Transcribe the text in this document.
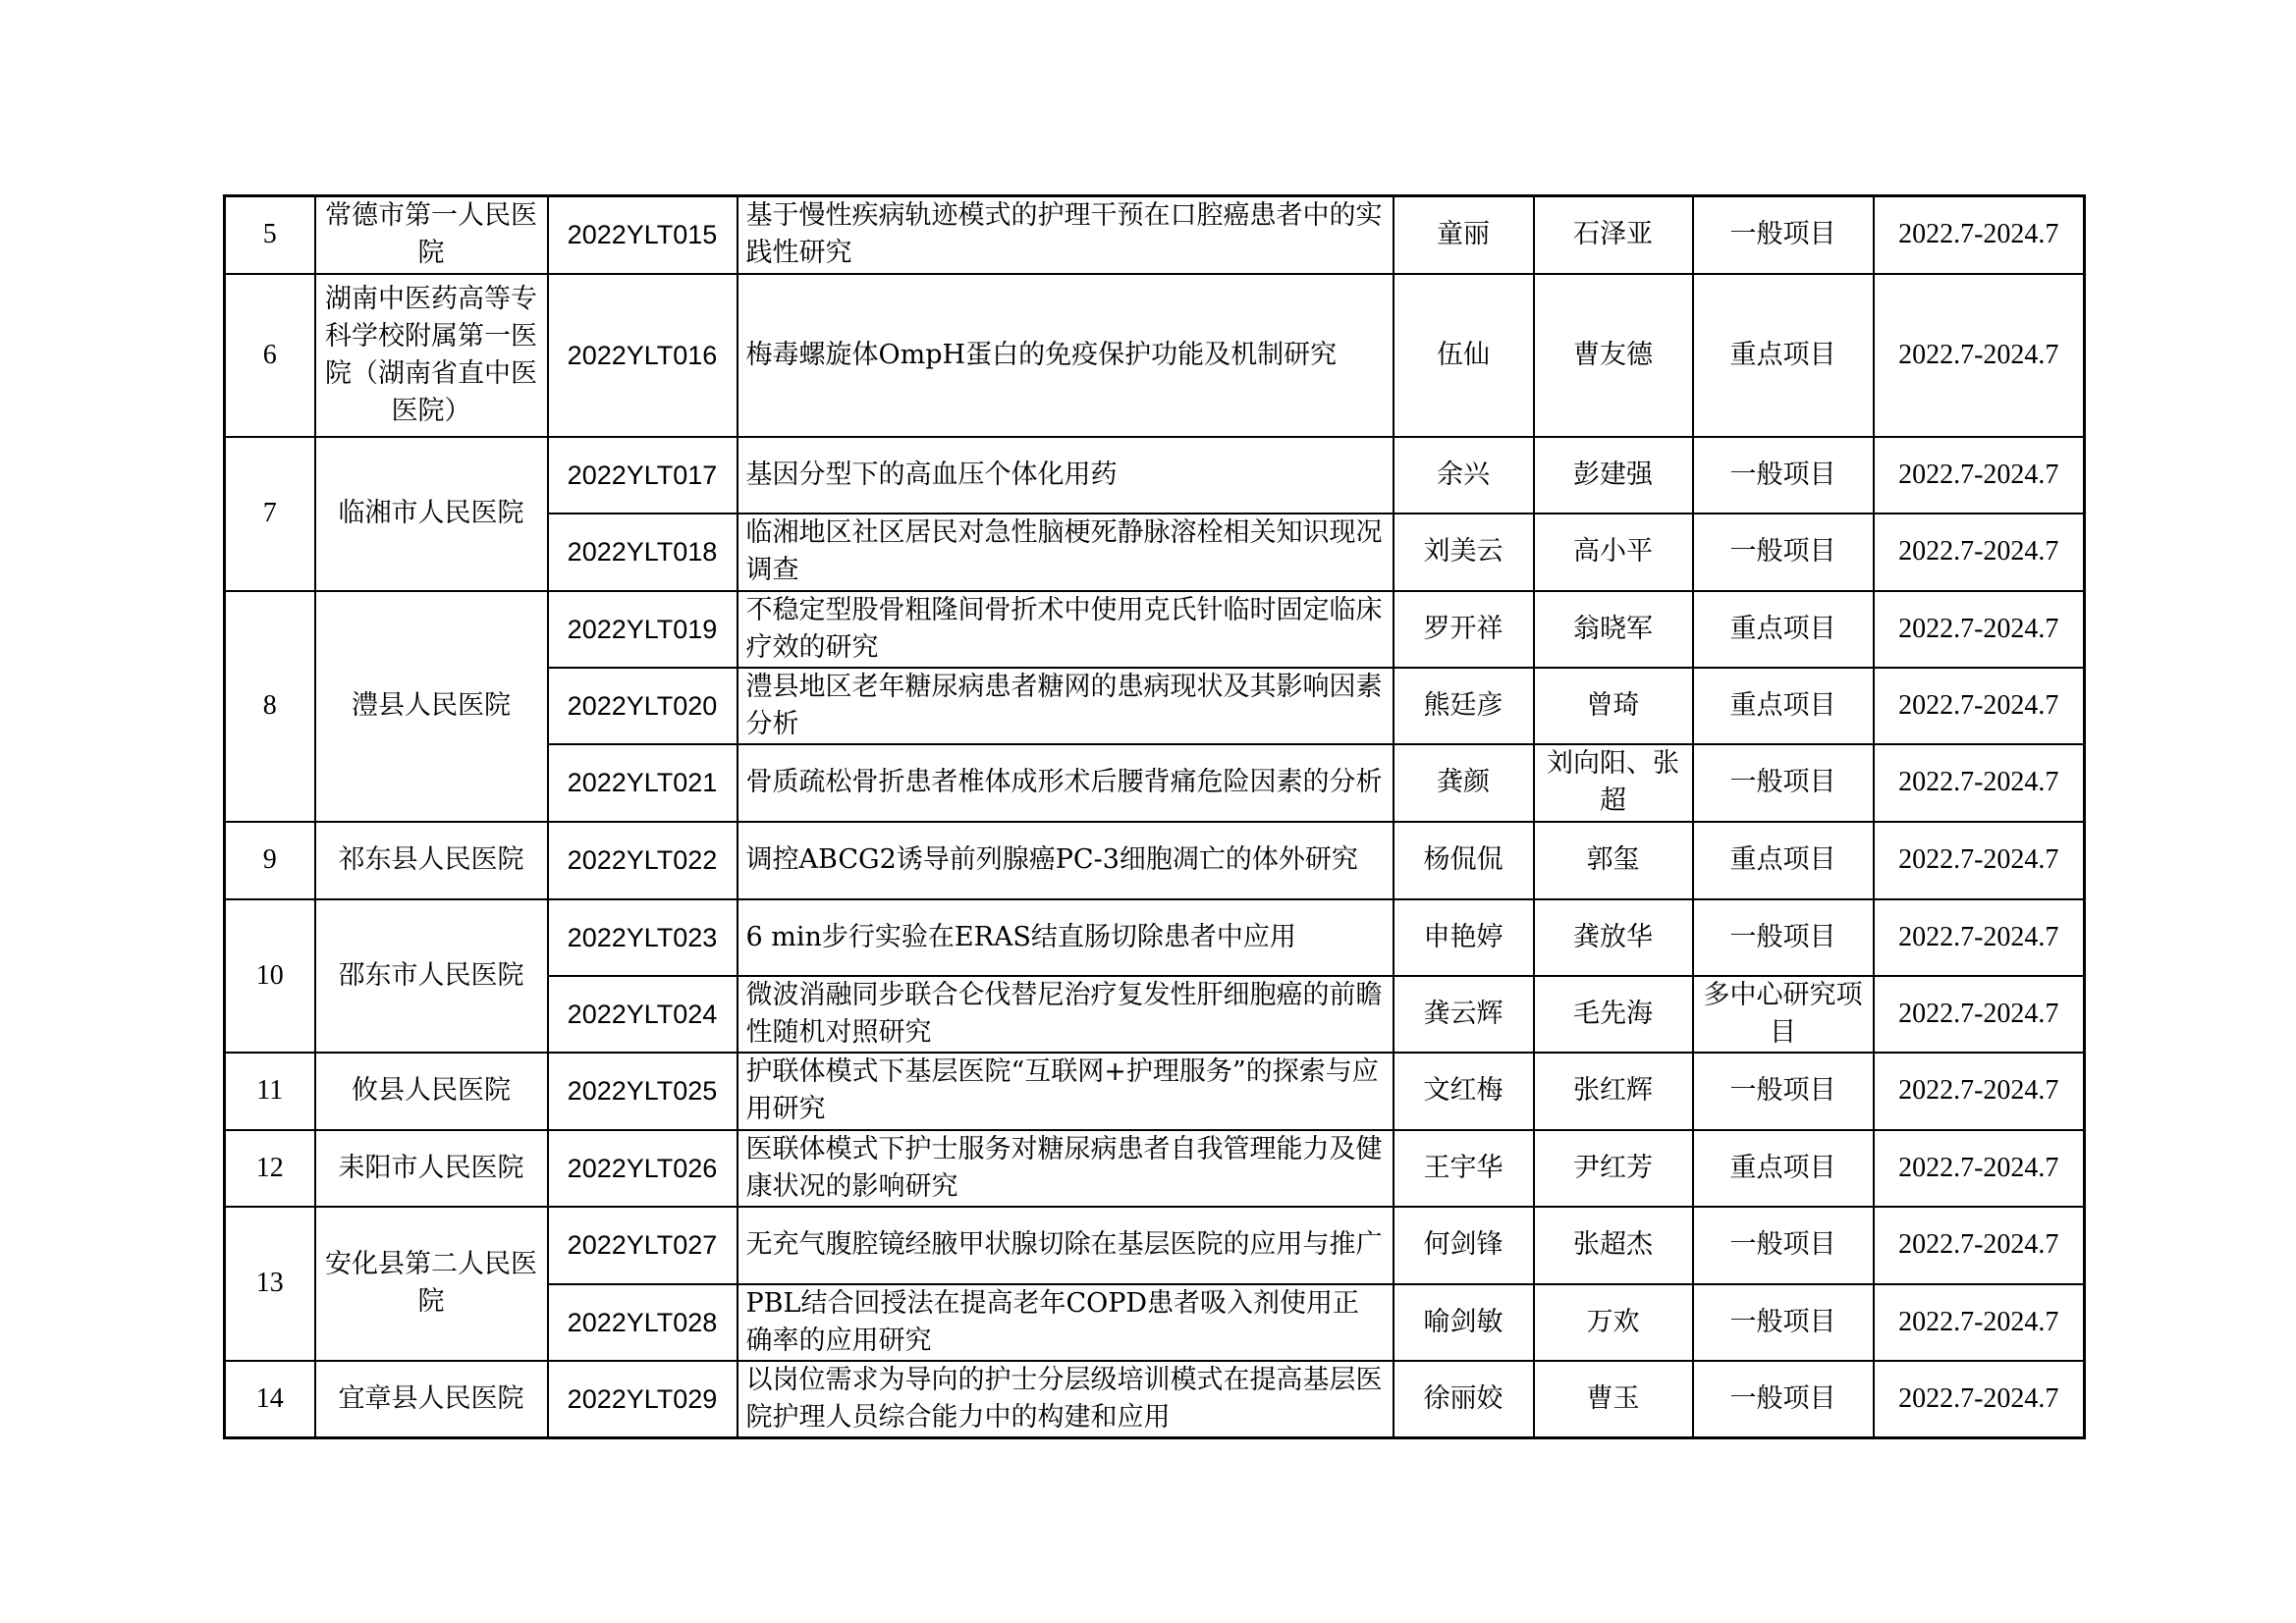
5	常德市第一人民医院	2022YLT015	基于慢性疾病轨迹模式的护理干预在口腔癌患者中的实践性研究	童丽	石泽亚	一般项目	2022.7-2024.7
6	湖南中医药高等专科学校附属第一医院（湖南省直中医医院）	2022YLT016	梅毒螺旋体OmpH蛋白的免疫保护功能及机制研究	伍仙	曹友德	重点项目	2022.7-2024.7
7	临湘市人民医院	2022YLT017	基因分型下的高血压个体化用药	余兴	彭建强	一般项目	2022.7-2024.7
		2022YLT018	临湘地区社区居民对急性脑梗死静脉溶栓相关知识现况调查	刘美云	高小平	一般项目	2022.7-2024.7
8	澧县人民医院	2022YLT019	不稳定型股骨粗隆间骨折术中使用克氏针临时固定临床疗效的研究	罗开祥	翁晓军	重点项目	2022.7-2024.7
		2022YLT020	澧县地区老年糖尿病患者糖网的患病现状及其影响因素分析	熊廷彦	曾琦	重点项目	2022.7-2024.7
		2022YLT021	骨质疏松骨折患者椎体成形术后腰背痛危险因素的分析	龚颜	刘向阳、张超	一般项目	2022.7-2024.7
9	祁东县人民医院	2022YLT022	调控ABCG2诱导前列腺癌PC-3细胞凋亡的体外研究	杨侃侃	郭玺	重点项目	2022.7-2024.7
10	邵东市人民医院	2022YLT023	6 min步行实验在ERAS结直肠切除患者中应用	申艳婷	龚放华	一般项目	2022.7-2024.7
		2022YLT024	微波消融同步联合仑伐替尼治疗复发性肝细胞癌的前瞻性随机对照研究	龚云辉	毛先海	多中心研究项目	2022.7-2024.7
11	攸县人民医院	2022YLT025	护联体模式下基层医院“互联网+护理服务”的探索与应用研究	文红梅	张红辉	一般项目	2022.7-2024.7
12	耒阳市人民医院	2022YLT026	医联体模式下护士服务对糖尿病患者自我管理能力及健康状况的影响研究	王宇华	尹红芳	重点项目	2022.7-2024.7
13	安化县第二人民医院	2022YLT027	无充气腹腔镜经腋甲状腺切除在基层医院的应用与推广	何剑锋	张超杰	一般项目	2022.7-2024.7
		2022YLT028	PBL结合回授法在提高老年COPD患者吸入剂使用正确率的应用研究	喻剑敏	万欢	一般项目	2022.7-2024.7
14	宜章县人民医院	2022YLT029	以岗位需求为导向的护士分层级培训模式在提高基层医院护理人员综合能力中的构建和应用	徐丽姣	曹玉	一般项目	2022.7-2024.7
